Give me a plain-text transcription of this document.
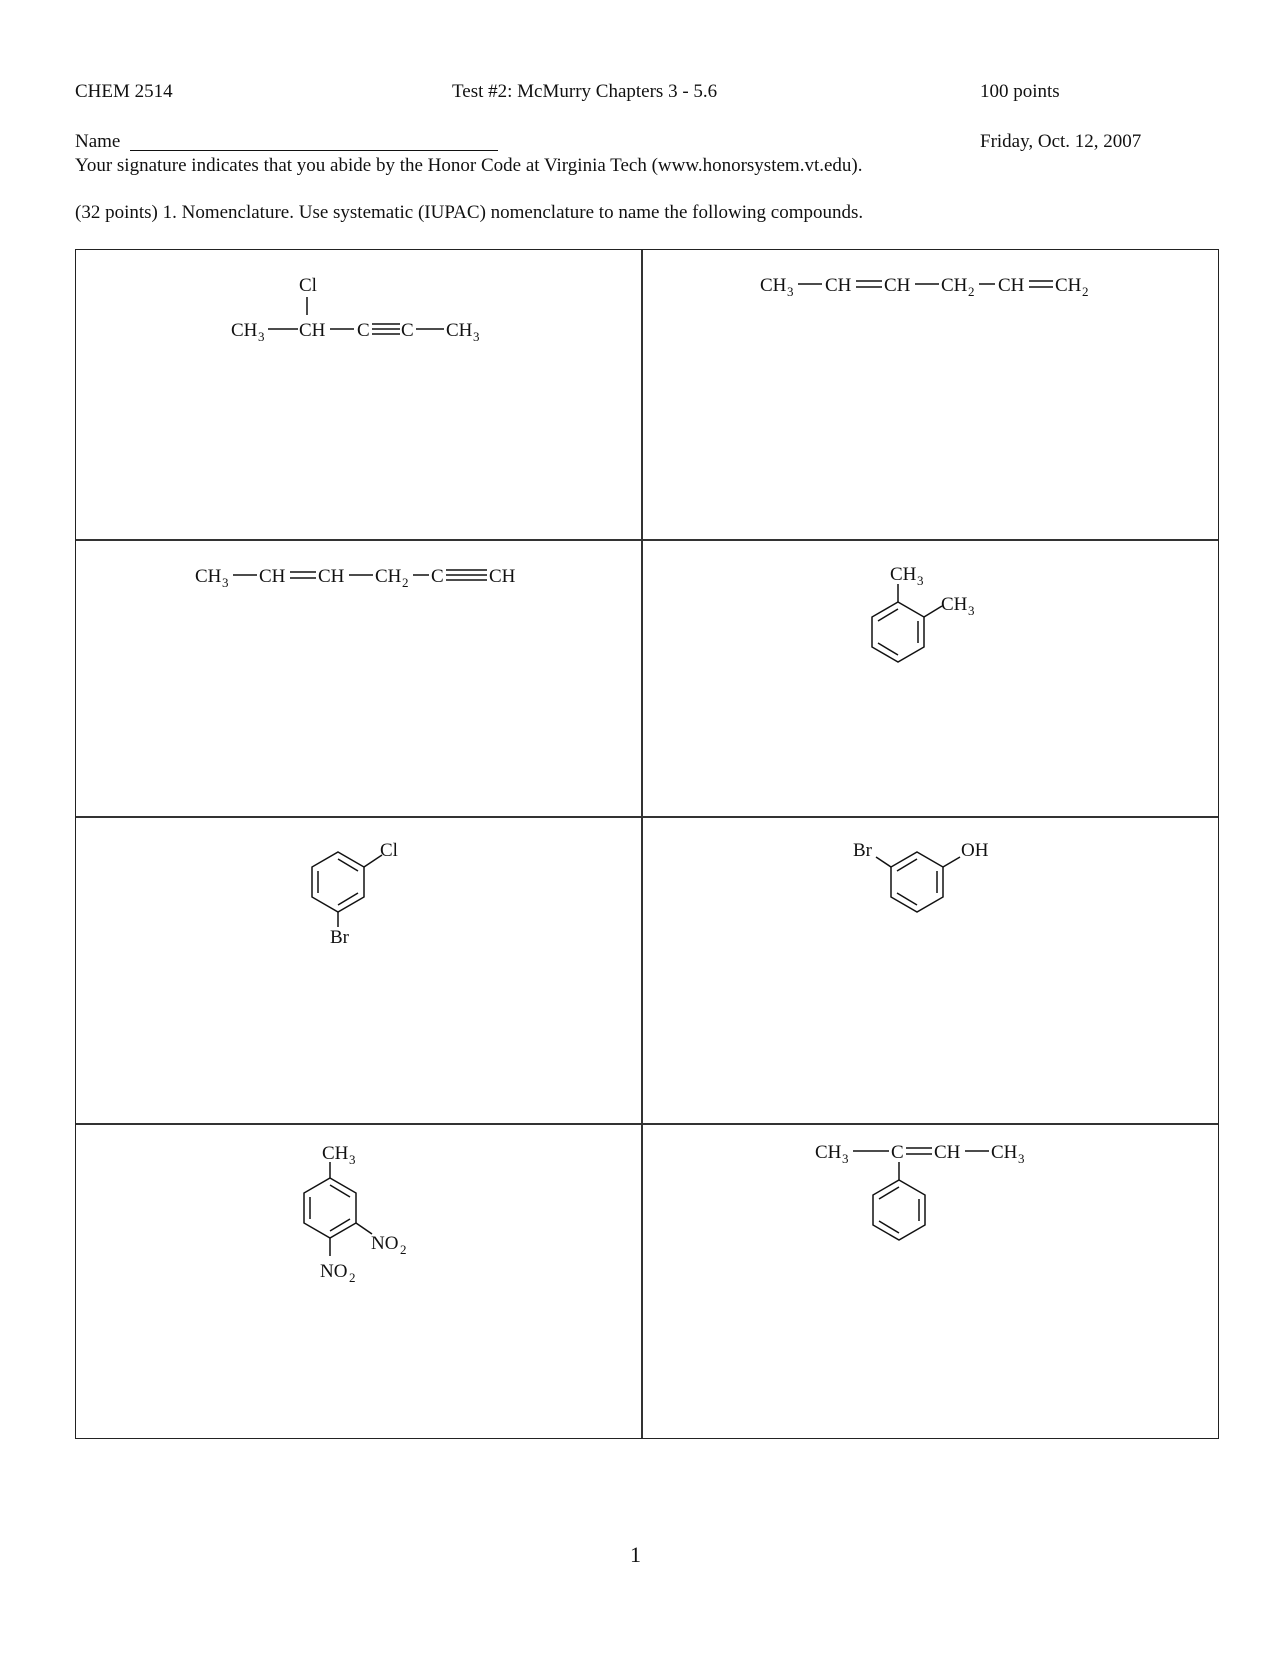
CHEM 2514	Test #2: McMurry Chapters 3 - 5.6	100 points
Name	Friday, Oct. 12, 2007
Your signature indicates that you abide by the Honor Code at Virginia Tech (www.honorsystem.vt.edu).
(32 points) 1. Nomenclature. Use systematic (IUPAC) nomenclature to name the following compounds.
Cl
CH 3 CH C C CH 3
CH 3 CH CH CH 2 CH CH 2
CH 3 CH CH CH 2 C CH	CH 3
CH 3
Cl
Br
Br	OH
CH 3
NO 2
NO 2
CH 3 C CH CH 3
1
